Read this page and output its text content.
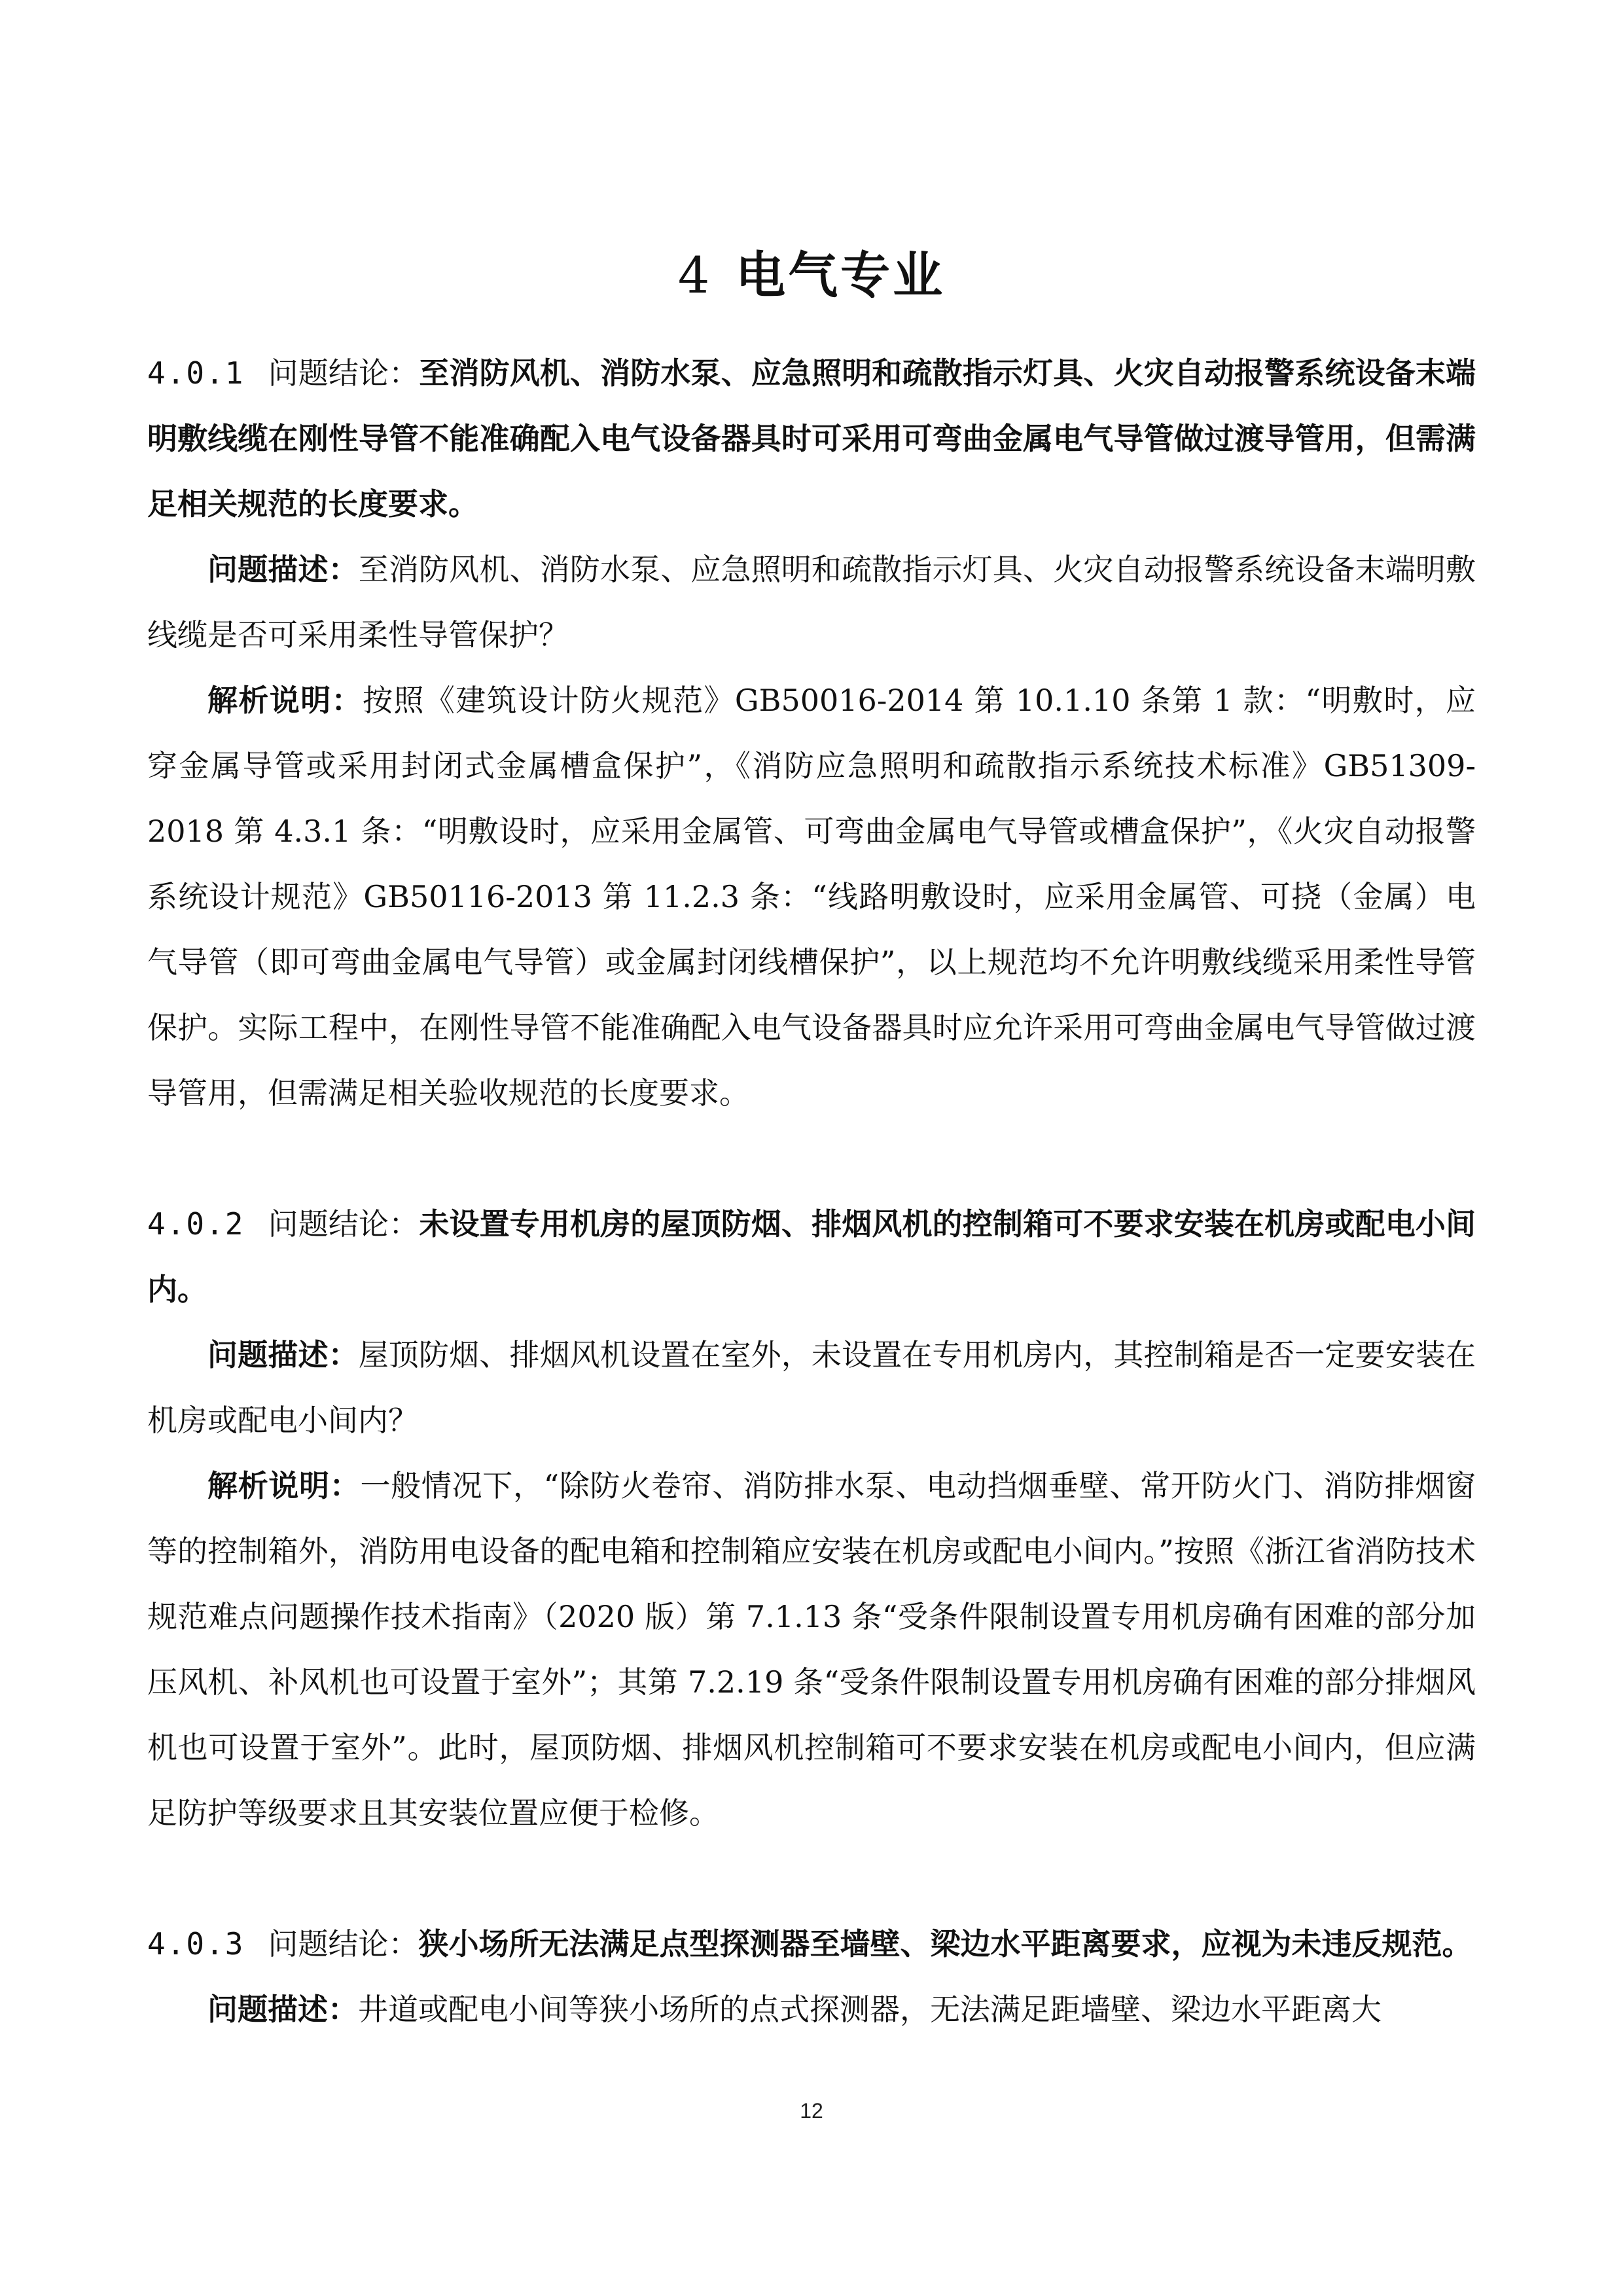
4 电气专业

4.0.1 问题结论：至消防风机、消防水泵、应急照明和疏散指示灯具、火灾自动报警系统设备末端明敷线缆在刚性导管不能准确配入电气设备器具时可采用可弯曲金属电气导管做过渡导管用，但需满足相关规范的长度要求。

问题描述：至消防风机、消防水泵、应急照明和疏散指示灯具、火灾自动报警系统设备末端明敷线缆是否可采用柔性导管保护？

解析说明：按照《建筑设计防火规范》GB50016-2014 第 10.1.10 条第 1 款：“明敷时，应穿金属导管或采用封闭式金属槽盒保护”，《消防应急照明和疏散指示系统技术标准》GB51309-2018 第 4.3.1 条：“明敷设时，应采用金属管、可弯曲金属电气导管或槽盒保护”，《火灾自动报警系统设计规范》GB50116-2013 第 11.2.3 条：“线路明敷设时，应采用金属管、可挠（金属）电气导管（即可弯曲金属电气导管）或金属封闭线槽保护”，以上规范均不允许明敷线缆采用柔性导管保护。实际工程中，在刚性导管不能准确配入电气设备器具时应允许采用可弯曲金属电气导管做过渡导管用，但需满足相关验收规范的长度要求。

4.0.2 问题结论：未设置专用机房的屋顶防烟、排烟风机的控制箱可不要求安装在机房或配电小间内。

问题描述：屋顶防烟、排烟风机设置在室外，未设置在专用机房内，其控制箱是否一定要安装在机房或配电小间内？

解析说明：一般情况下，“除防火卷帘、消防排水泵、电动挡烟垂壁、常开防火门、消防排烟窗等的控制箱外，消防用电设备的配电箱和控制箱应安装在机房或配电小间内。”按照《浙江省消防技术规范难点问题操作技术指南》（2020 版）第 7.1.13 条“受条件限制设置专用机房确有困难的部分加压风机、补风机也可设置于室外”；其第 7.2.19 条“受条件限制设置专用机房确有困难的部分排烟风机也可设置于室外”。此时，屋顶防烟、排烟风机控制箱可不要求安装在机房或配电小间内，但应满足防护等级要求且其安装位置应便于检修。

4.0.3 问题结论：狭小场所无法满足点型探测器至墙壁、梁边水平距离要求，应视为未违反规范。

问题描述：井道或配电小间等狭小场所的点式探测器，无法满足距墙壁、梁边水平距离大

12
